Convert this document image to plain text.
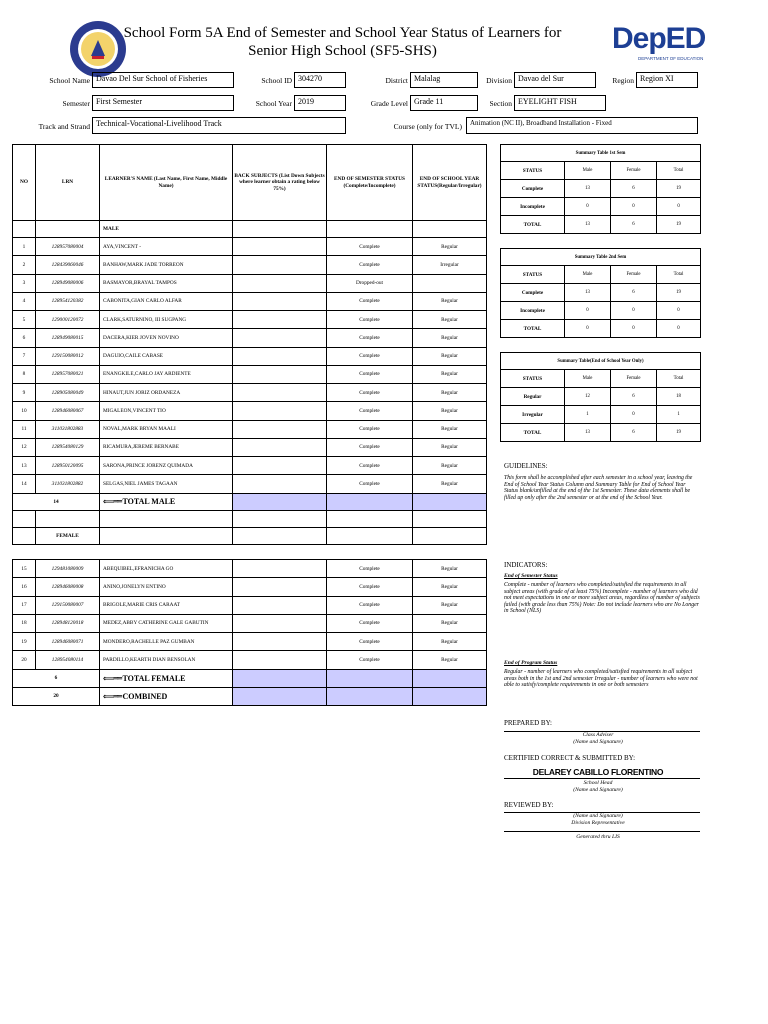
School Form 5A End of Semester and School Year Status of Learners for
Senior High School (SF5-SHS)	DepED
DEPARTMENT OF EDUCATION
School Name Davao Del Sur School of Fisheries	School ID 304270	District Malalag	Division Davao del Sur	Region Region XI
Semester First Semester	School Year 2019	Grade Level Grade 11	Section EYELIGHT FISH
Track and Strand Technical-Vocational-Livelihood Track	Course (only for TVL)	Animation (NC II), Broadband Installation - Fixed
NO	LRN	LEARNER'S NAME (Last Name, First Name, Middle Name)	BACK SUBJECTS (List Down Subjects where learner obtain a rating below 75%)	END OF SEMESTER STATUS (Complete/Incomplete)	END OF SCHOOL YEAR STATUS(Regular/Irregular)
		MALE			
1	128957080004	AYA,VINCENT -		Complete	Regular
2	128439060046	BANHAW,MARK JADE TORREON		Complete	Irregular
3	128949080006	BASMAYOR,BRAYAL TAMPOS		Dropped-out	
4	128954120382	CABONITA,GIAN CARLO ALFAR		Complete	Regular
5	129000120072	CLARK,SATURNINO, III SUGPANG		Complete	Regular
6	128949080015	DACERA,KIER JOVEN NOVINO		Complete	Regular
7	129150080012	DAGUIO,CAILE CABASE		Complete	Regular
8	128957080021	ENANGKILE,CARLO JAY ARDIENTE		Complete	Regular
9	128905080049	HINAUT,JUN JORIZ ORDANEZA		Complete	Regular
10	128946080067	MIGALEON,VINCENT TIO		Complete	Regular
11	311031802883	NOVAL,MARK BRYAN MAALI		Complete	Regular
12	128954080129	RICAMURA,JEREME BERNABE		Complete	Regular
13	128950120095	SARONA,PRINCE JORENZ QUIMADA		Complete	Regular
14	311031802882	SELGAS,NIEL JAMES TAGAAN		Complete	Regular
14		⟸══ TOTAL MALE			

	FEMALE				
15	129481080009	ABEQUIBEL,EFRANICHA GO		Complete	Regular
16	128946080008	ANINO,JONELYN ENTINO		Complete	Regular
17	129150080007	BRIGOLE,MARIE CRIS CARAAT		Complete	Regular
18	128948120018	MEDEZ,ABBY CATHERINE GALE GABUTIN		Complete	Regular
19	128946080071	MONDERO,RACHELLE PAZ GUMBAN		Complete	Regular
20	128954080114	PARDILLO,KEARTH DIAN BENSOLAN		Complete	Regular
6		⟸══ TOTAL FEMALE			
20		⟸══ COMBINED			
Summary Table 1st Sem			
STATUS	Male	Female	Total
Complete	13	6	19
Incomplete	0	0	0
TOTAL	13	6	19
Summary Table 2nd Sem			
STATUS	Male	Female	Total
Complete	13	6	19
Incomplete	0	0	0
TOTAL	0	0	0
Summary Table(End of School Year Only)			
STATUS	Male	Female	Total
Regular	12	6	18
Irregular	1	0	1
TOTAL	13	6	19
GUIDELINES:
This form shall be accomplished after each semester in a school year, leaving the End of School Year Status Column and Summary Table for End of School Year Status blank/unfilled at the end of the 1st Semester. These data elements shall be filled up only after the 2nd semester or at the end of the School Year.
INDICATORS:
End of Semester Status
Complete - number of learners who completed/satisfied the requirements in all subject areas (with grade of at least 75%) Incomplete - number of learners who did not meet expectations in one or more subject areas, regardless of number of subjects failed (with grade less than 75%) Note: Do not include learners who are No Longer in School (NLS)
End of Program Status
Regular - number of learners who completed/satisfied requirements in all subject areas both in the 1st and 2nd semester Irregular - number of learners who were not able to satisfy/complete requirements in one or both semesters
PREPARED BY:
Class Adviser
(Name and Signature)
CERTIFIED CORRECT & SUBMITTED BY:
DELAREY CABILLO FLORENTINO
School Head
(Name and Signature)
REVIEWED BY:
(Name and Signature)
Division Representative
Generated thru LIS
